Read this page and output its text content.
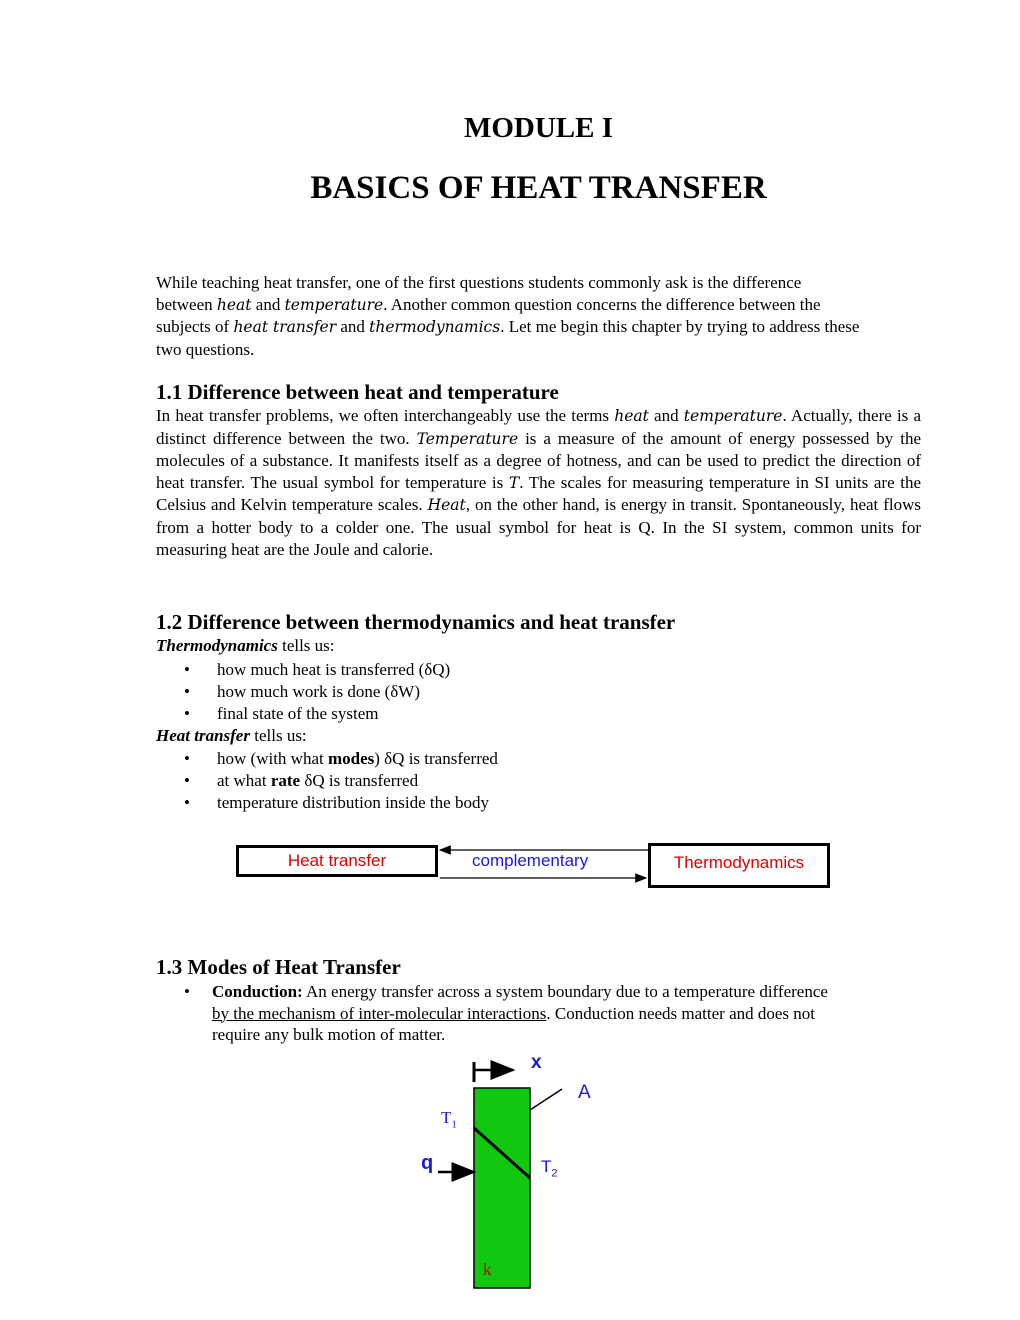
MODULE I
BASICS OF HEAT TRANSFER
While teaching heat transfer, one of the first questions students commonly ask is the difference
between heat and temperature. Another common question concerns the difference between the
subjects of heat transfer and thermodynamics. Let me begin this chapter by trying to address these
two questions.
1.1 Difference between heat and temperature
In heat transfer problems, we often interchangeably use the terms heat and temperature. Actually, there is a distinct difference between the two. Temperature is a measure of the amount of energy possessed by the molecules of a substance. It manifests itself as a degree of hotness, and can be used to predict the direction of heat transfer. The usual symbol for temperature is T. The scales for measuring temperature in SI units are the Celsius and Kelvin temperature scales. Heat, on the other hand, is energy in transit. Spontaneously, heat flows from a hotter body to a colder one. The usual symbol for heat is Q. In the SI system, common units for measuring heat are the Joule and calorie.
1.2 Difference between thermodynamics and heat transfer
Thermodynamics tells us:
• how much heat is transferred (δQ)
• how much work is done (δW)
• final state of the system
Heat transfer tells us:
• how (with what modes) δQ is transferred
• at what rate δQ is transferred
• temperature distribution inside the body
Heat transfer	Thermodynamics
complementary
1.3 Modes of Heat Transfer
• Conduction: An energy transfer across a system boundary due to a temperature difference
by the mechanism of inter-molecular interactions. Conduction needs matter and does not
require any bulk motion of matter.
x
A
$T_1$
q	$T_2$
k
